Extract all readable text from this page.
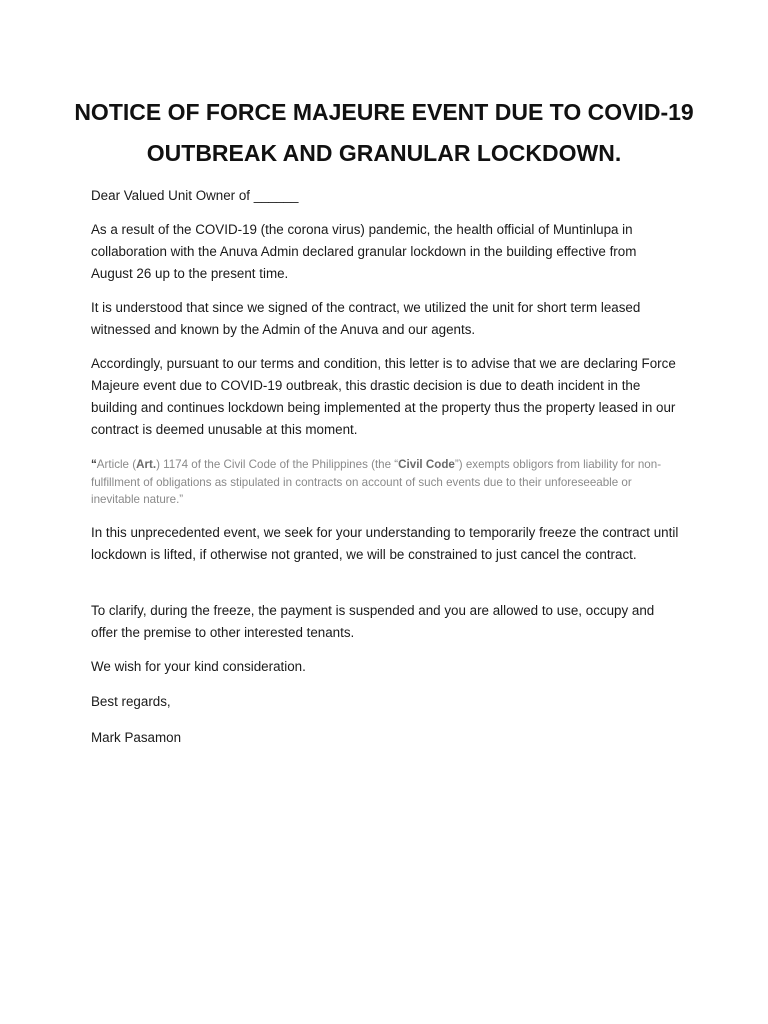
NOTICE OF FORCE MAJEURE EVENT DUE TO COVID-19 OUTBREAK AND GRANULAR LOCKDOWN.

Dear Valued Unit Owner of ______

As a result of the COVID-19 (the corona virus) pandemic, the health official of Muntinlupa in collaboration with the Anuva Admin declared granular lockdown in the building effective from August 26 up to the present time.

It is understood that since we signed of the contract, we utilized the unit for short term leased witnessed and known by the Admin of the Anuva and our agents.

Accordingly, pursuant to our terms and condition, this letter is to advise that we are declaring Force Majeure event due to COVID-19 outbreak, this drastic decision is due to death incident in the building and continues lockdown being implemented at the property thus the property leased in our contract is deemed unusable at this moment.

“Article (Art.) 1174 of the Civil Code of the Philippines (the “Civil Code”) exempts obligors from liability for non-fulfillment of obligations as stipulated in contracts on account of such events due to their unforeseeable or inevitable nature.”

In this unprecedented event, we seek for your understanding to temporarily freeze the contract until lockdown is lifted, if otherwise not granted, we will be constrained to just cancel the contract.

To clarify, during the freeze, the payment is suspended and you are allowed to use, occupy and offer the premise to other interested tenants.

We wish for your kind consideration.

Best regards,

Mark Pasamon
